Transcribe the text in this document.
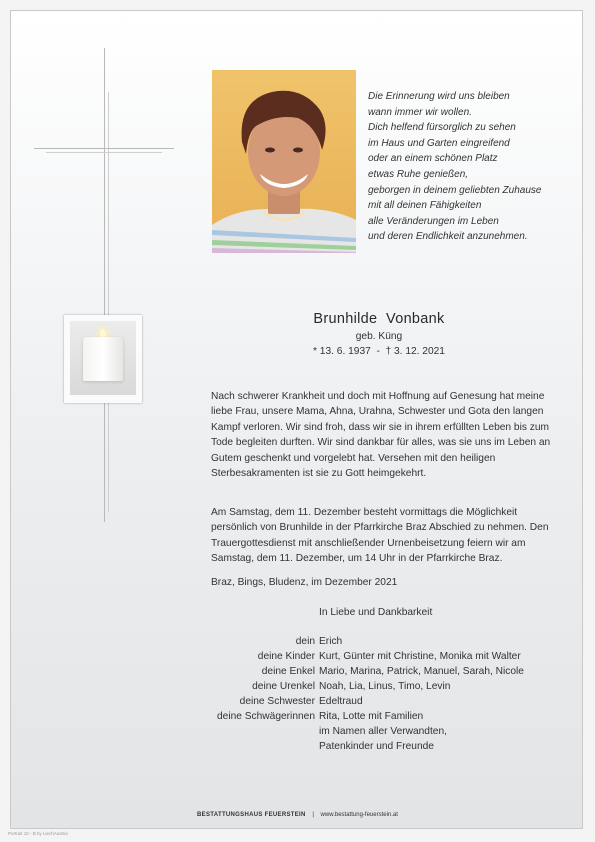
Die Erinnerung wird uns bleiben
wann immer wir wollen.
Dich helfend fürsorglich zu sehen
im Haus und Garten eingreifend
oder an einem schönen Platz
etwas Ruhe genießen,
geborgen in deinem geliebten Zuhause
mit all deinen Fähigkeiten
alle Veränderungen im Leben
und deren Endlichkeit anzunehmen.
Brunhilde  Vonbank
geb. Küng
* 13. 6. 1937  -  † 3. 12. 2021
Nach schwerer Krankheit und doch mit Hoffnung auf Genesung hat meine liebe Frau, unsere Mama, Ahna, Urahna, Schwester und Gota den langen Kampf verloren. Wir sind froh, dass wir sie in ihrem erfüllten Leben bis zum Tode begleiten durften. Wir sind dankbar für alles, was sie uns im Leben an Gutem geschenkt und vorgelebt hat. Versehen mit den heiligen Sterbesakramenten ist sie zu Gott heimgekehrt.
Am Samstag, dem 11. Dezember besteht vormittags die Möglichkeit persönlich von Brunhilde in der Pfarrkirche Braz Abschied zu nehmen. Den Trauergottesdienst mit anschließender Urnenbeisetzung feiern wir am Samstag, dem 11. Dezember, um 14 Uhr in der Pfarrkirche Braz.
Braz, Bings, Bludenz, im Dezember 2021
In Liebe und Dankbarkeit
dein Erich
deine Kinder Kurt, Günter mit Christine, Monika mit Walter
deine Enkel Mario, Marina, Patrick, Manuel, Sarah, Nicole
deine Urenkel Noah, Lia, Linus, Timo, Levin
deine Schwester Edeltraud
deine Schwägerinnen Rita, Lotte mit Familien
im Namen aller Verwandten,
Patenkinder und Freunde
BESTATTUNGSHAUS FEUERSTEIN | www.bestattung-feuerstein.at
Portrait 10 - B by LiechAustria
